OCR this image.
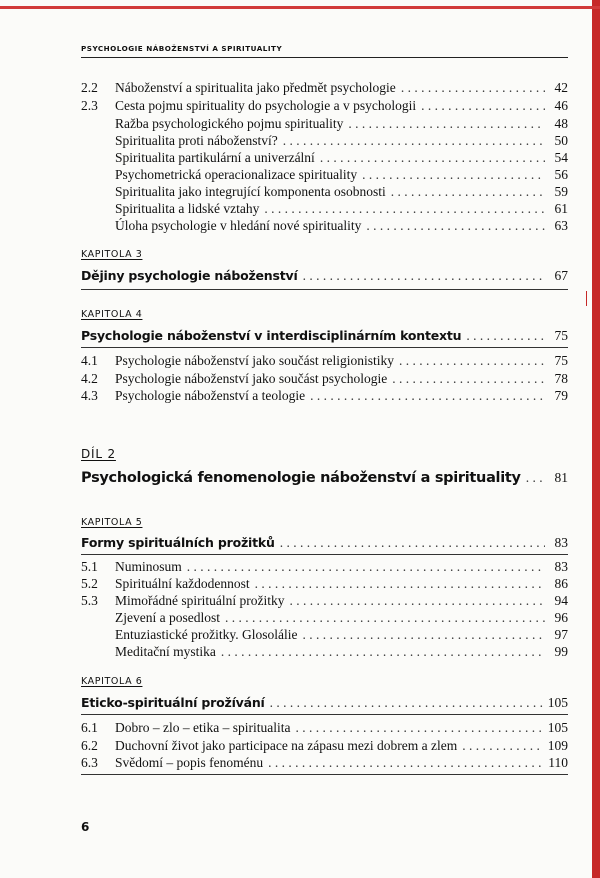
PSYCHOLOGIE NÁBOŽENSTVÍ A SPIRITUALITY
2.2	Náboženství a spiritualita jako předmět psychologie . . .	42
2.3	Cesta pojmu spirituality do psychologie a v psychologii . . .	46
Ražba psychologického pojmu spirituality . . .	48
Spiritualita proti náboženství? . . .	50
Spiritualita partikulární a univerzální . . .	54
Psychometrická operacionalizace spirituality . . .	56
Spiritualita jako integrující komponenta osobnosti . . .	59
Spiritualita a lidské vztahy . . .	61
Úloha psychologie v hledání nové spirituality . . .	63
KAPITOLA 3
Dějiny psychologie náboženství . . .	67
KAPITOLA 4
Psychologie náboženství v interdisciplinárním kontextu . . .	75
4.1	Psychologie náboženství jako součást religionistiky . . .	75
4.2	Psychologie náboženství jako součást psychologie . . .	78
4.3	Psychologie náboženství a teologie . . .	79
DÍL 2
Psychologická fenomenologie náboženství a spirituality . . .	81
KAPITOLA 5
Formy spirituálních prožitků . . .	83
5.1	Numinosum . . .	83
5.2	Spirituální každodennost . . .	86
5.3	Mimořádné spirituální prožitky . . .	94
Zjevení a posedlost . . .	96
Entuziastické prožitky. Glosolálie . . .	97
Meditační mystika . . .	99
KAPITOLA 6
Eticko-spirituální prožívání . . .	105
6.1	Dobro – zlo – etika – spiritualita . . .	105
6.2	Duchovní život jako participace na zápasu mezi dobrem a zlem . . .	109
6.3	Svědomí – popis fenoménu . . .	110
6
